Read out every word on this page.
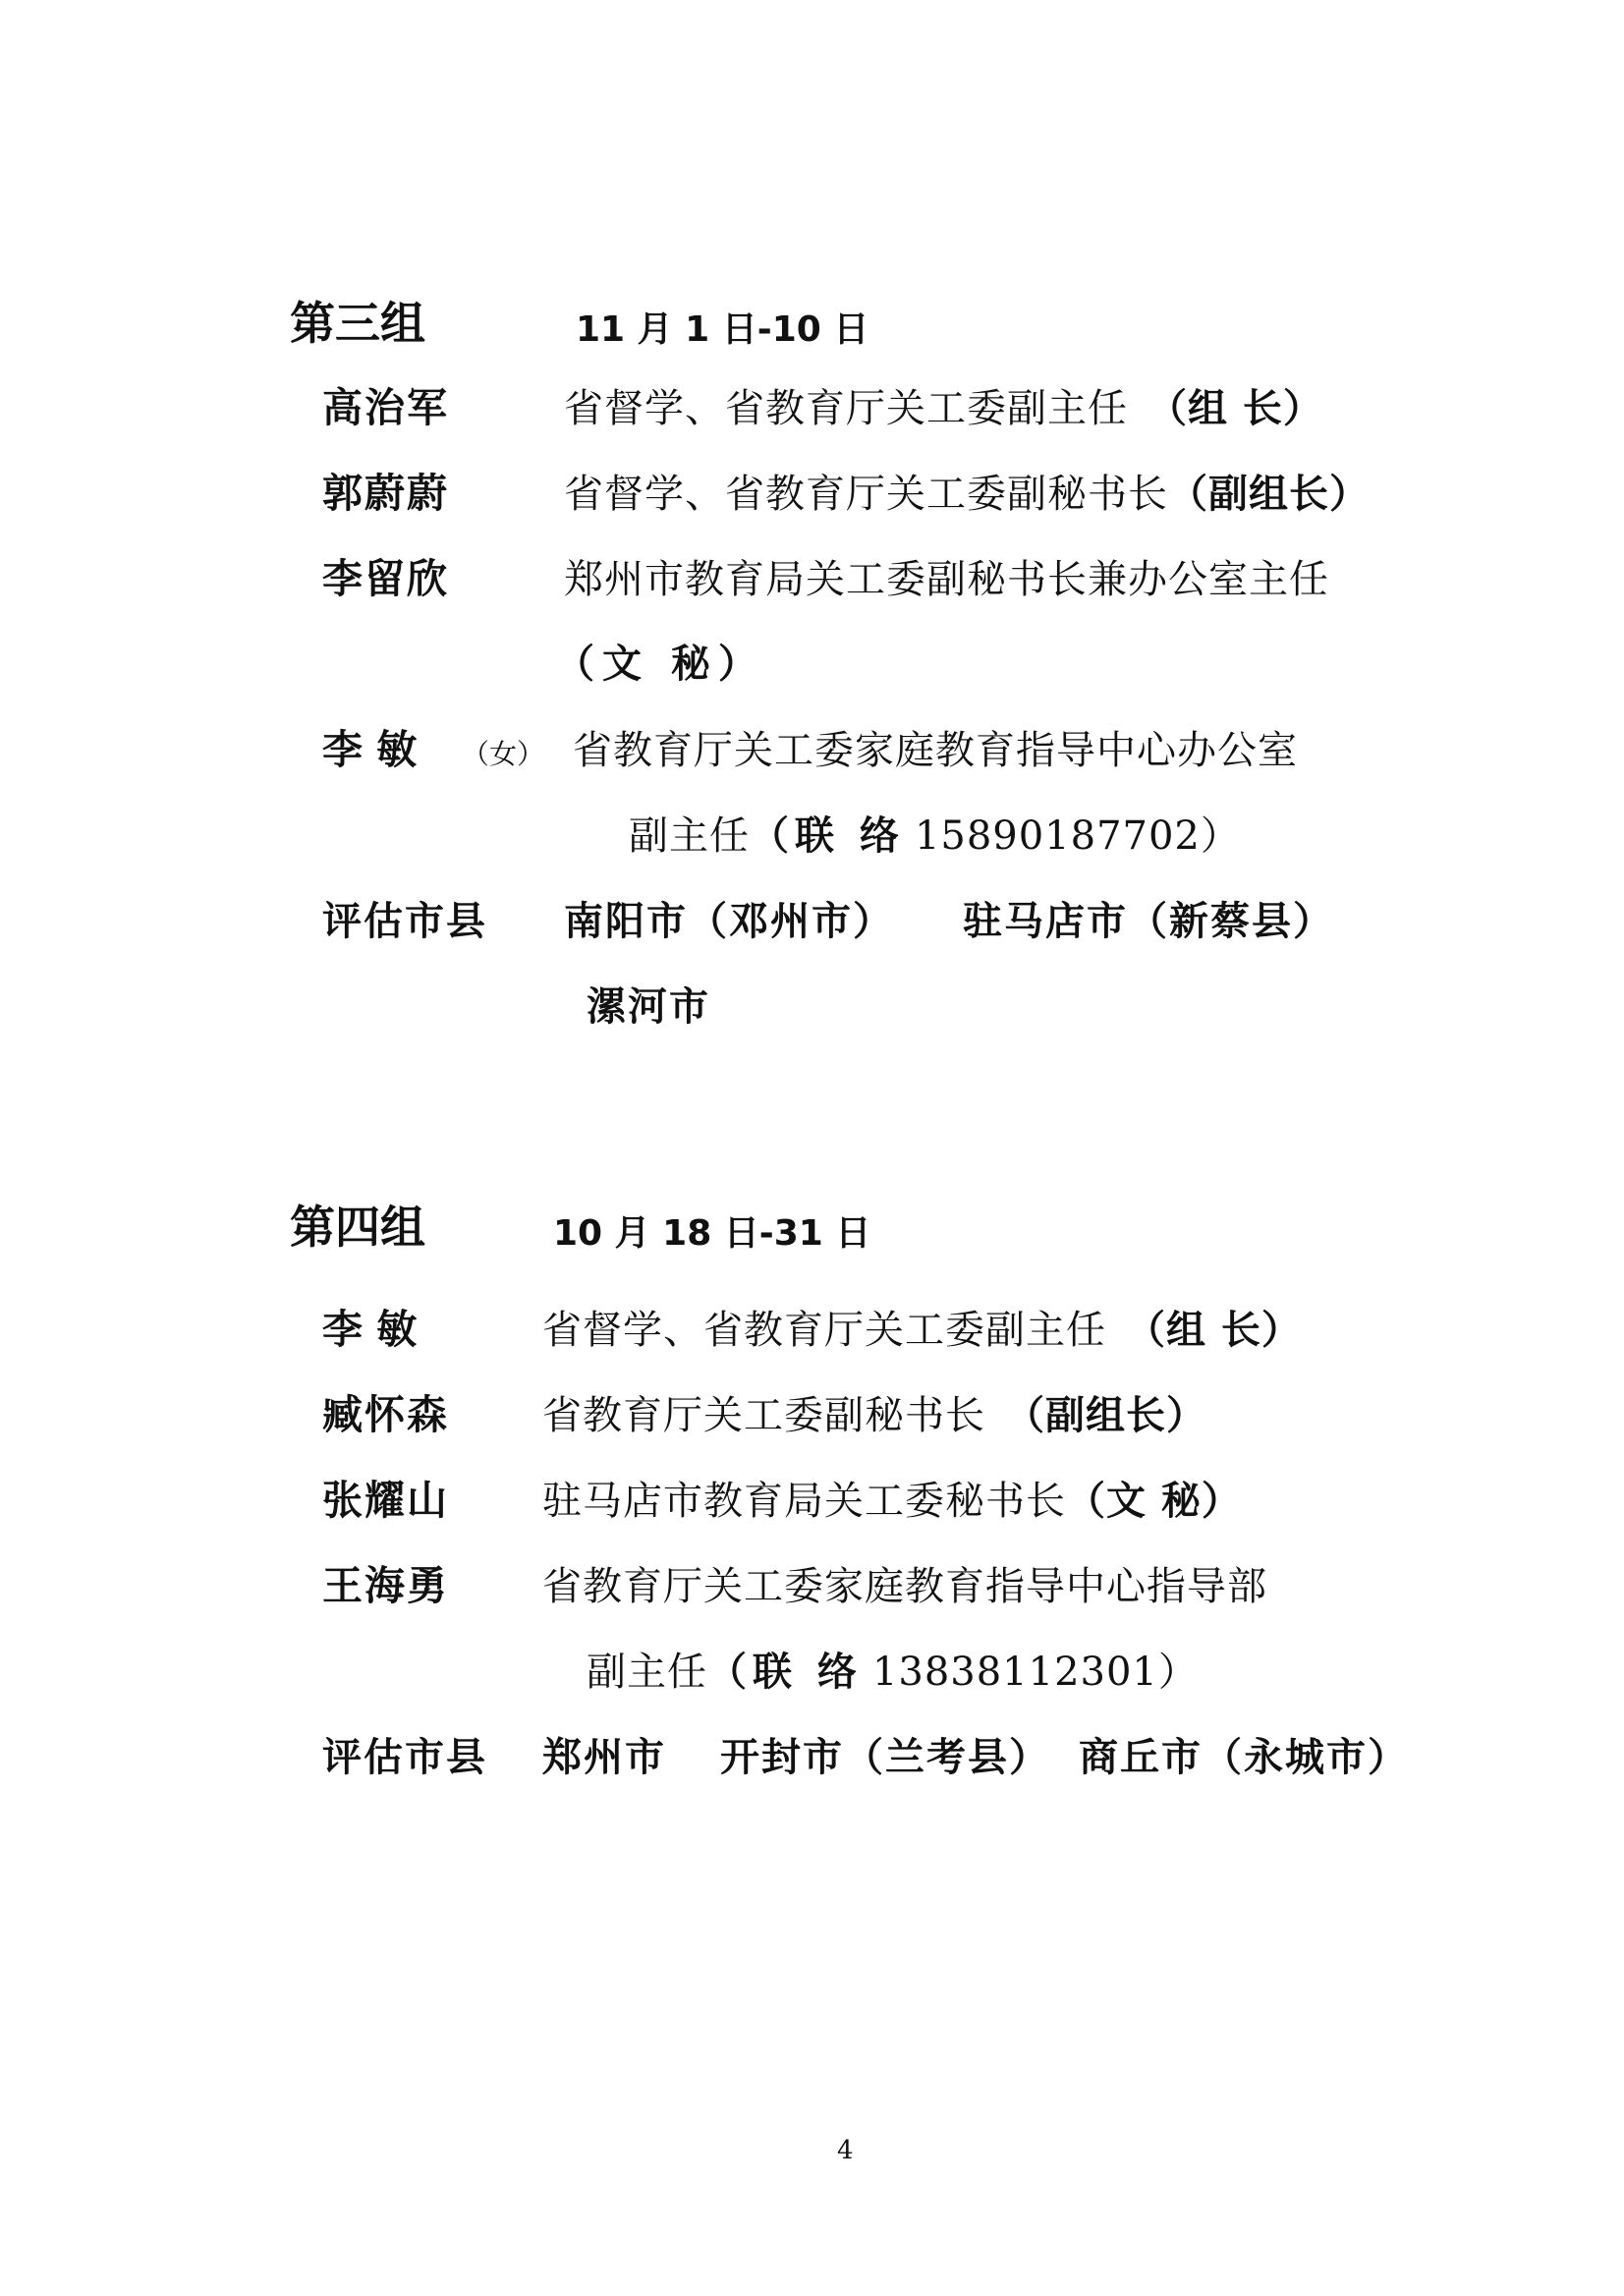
第三组	11 月 1 日-10 日
高治军	省督学、省教育厅关工委副主任 （组 长）
郭蔚蔚	省督学、省教育厅关工委副秘书长（副组长）
李留欣	郑州市教育局关工委副秘书长兼办公室主任
（文 秘）
李 敏 （女） 省教育厅关工委家庭教育指导中心办公室
副主任（联 络 15890187702）
评估市县 南阳市（邓州市） 驻马店市（新蔡县）
漯河市
第四组	10 月 18 日-31 日
李 敏	省督学、省教育厅关工委副主任 （组 长）
臧怀森 省教育厅关工委副秘书长 （副组长）
张耀山 驻马店市教育局关工委秘书长（文 秘）
王海勇 省教育厅关工委家庭教育指导中心指导部
副主任（联 络 13838112301）
评估市县 郑州市 开封市（兰考县） 商丘市（永城市）
4
